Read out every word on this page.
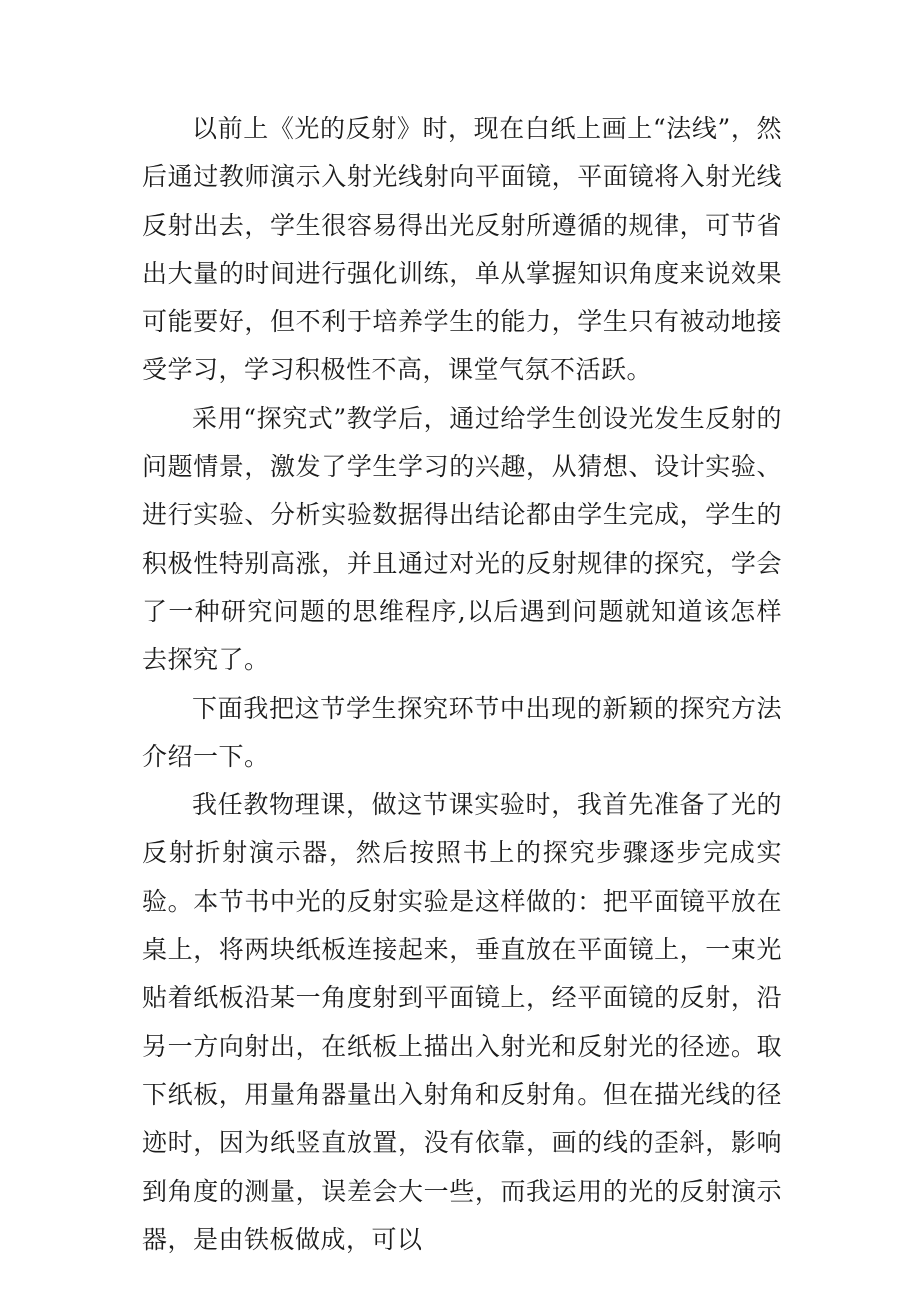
以前上《光的反射》时，现在白纸上画上“法线”，然后通过教师演示入射光线射向平面镜，平面镜将入射光线反射出去，学生很容易得出光反射所遵循的规律，可节省出大量的时间进行强化训练，单从掌握知识角度来说效果可能要好，但不利于培养学生的能力，学生只有被动地接受学习，学习积极性不高，课堂气氛不活跃。

采用“探究式”教学后，通过给学生创设光发生反射的问题情景，激发了学生学习的兴趣，从猜想、设计实验、进行实验、分析实验数据得出结论都由学生完成，学生的积极性特别高涨，并且通过对光的反射规律的探究，学会了一种研究问题的思维程序,以后遇到问题就知道该怎样去探究了。

下面我把这节学生探究环节中出现的新颖的探究方法介绍一下。

我任教物理课，做这节课实验时，我首先准备了光的反射折射演示器，然后按照书上的探究步骤逐步完成实验。本节书中光的反射实验是这样做的：把平面镜平放在桌上，将两块纸板连接起来，垂直放在平面镜上，一束光贴着纸板沿某一角度射到平面镜上，经平面镜的反射，沿另一方向射出，在纸板上描出入射光和反射光的径迹。取下纸板，用量角器量出入射角和反射角。但在描光线的径迹时，因为纸竖直放置，没有依靠，画的线的歪斜，影响到角度的测量，误差会大一些，而我运用的光的反射演示器，是由铁板做成，可以
